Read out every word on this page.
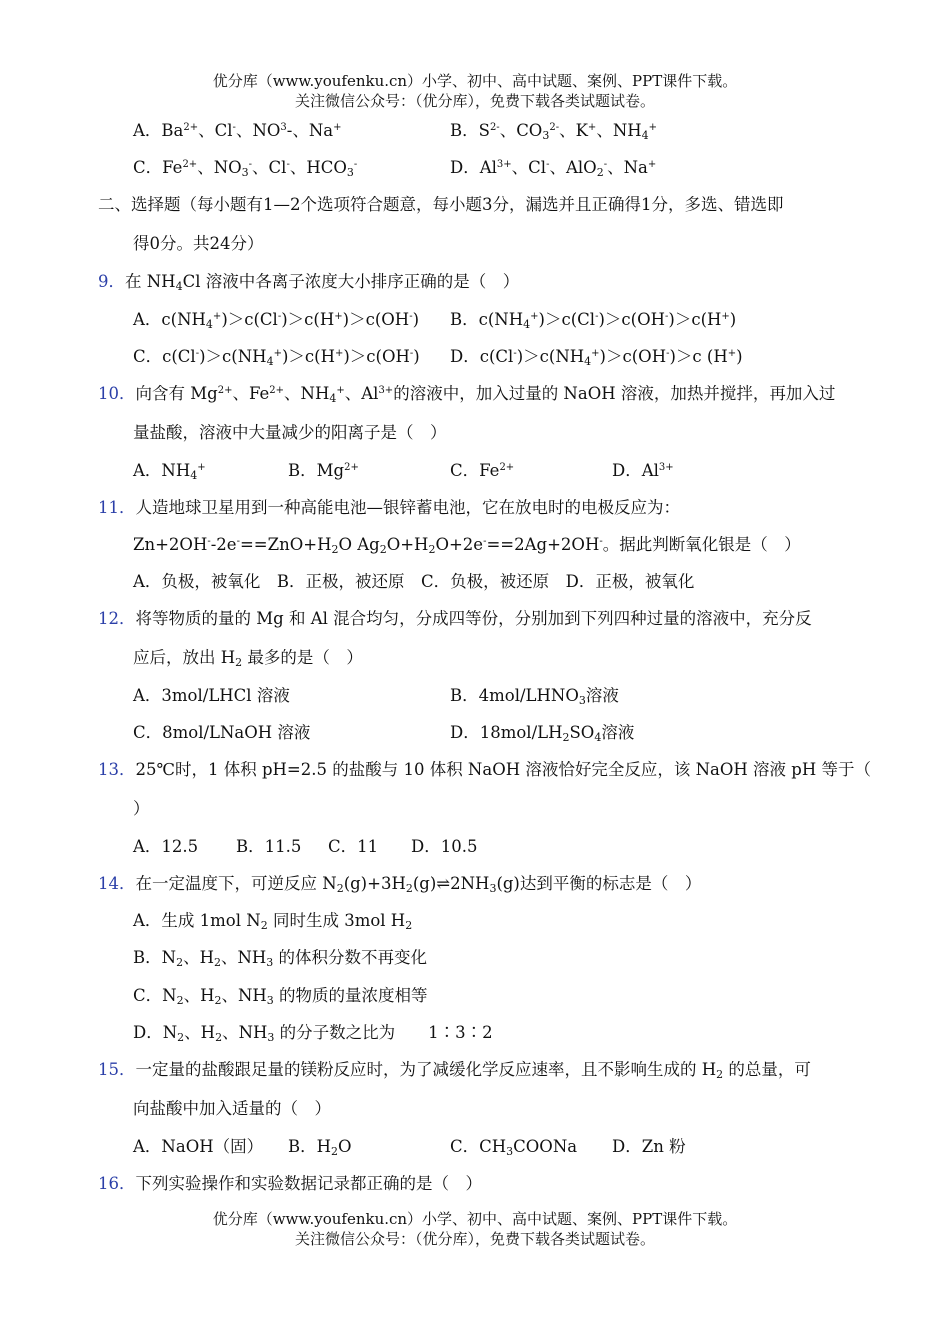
优分库（www.youfenku.cn）小学、初中、高中试题、案例、PPT课件下载。
关注微信公众号：（优分库），免费下载各类试题试卷。
A．$Ba^{2+}$、Cl-、$NO^3-$、Na+	B．$S^{2-}$、$CO_3^{2-}$、K+、$NH_4^+$
C．$Fe^{2+}$、$NO_3^-$、Cl-、$HCO_3^-$	D．$Al^{3+}$、Cl-、AlO$_2$-、Na+
二、选择题（每小题有1—2个选项符合题意，每小题3分，漏选并且正确得1分，多选、错选即
得0分。共24分）
9．在 $NH_4Cl$ 溶液中各离子浓度大小排序正确的是（　）
A．$c(NH_4^+)>c(Cl^-)>c(H^+)>c(OH^-)$ B．$c(NH_4^+)>c(Cl^-)>c(OH^-)>c(H^+)$
C．$c(Cl^-)>c(NH_4^+)>c(H^+)>c(OH^-)$ D．$c(Cl^-)>c(NH_4^+)>c(OH^-)>c$ (H+)
10．向含有 $Mg^{2+}$、$Fe^{2+}$、$NH_4^+$、$Al^{3+}$的溶液中，加入过量的 NaOH 溶液，加热并搅拌，再加入过
量盐酸，溶液中大量减少的阳离子是（　）
A．$NH_4^+$	B．$Mg^{2+}$	C．$Fe^{2+}$	D．$Al^{3+}$
11．人造地球卫星用到一种高能电池—银锌蓄电池，它在放电时的电极反应为：
$Zn+2OH^--2e^-==ZnO+H_2O$ $Ag_2O+H_2O+2e^-==2Ag+2OH^-$。据此判断氧化银是（　）
A．负极，被氧化　B．正极，被还原　C．负极，被还原　D．正极，被氧化
12．将等物质的量的 Mg 和 Al 混合均匀，分成四等份，分别加到下列四种过量的溶液中，充分反
应后，放出 $H_2$ 最多的是（　）
A．3mol/LHCl 溶液	B．$4mol/LHNO_3$溶液
C．8mol/LNaOH 溶液	D．$18mol/LH_2SO_4$溶液
13．25℃时，1 体积 pH=2.5 的盐酸与 10 体积 NaOH 溶液恰好完全反应，该 NaOH 溶液 pH 等于（
）
A．12.5 B．11.5 C．11 D．10.5
14．在一定温度下，可逆反应 $N_2(g)+3H_2(g)\rightleftharpoons 2NH_3(g)$达到平衡的标志是（　）
A．生成 1mol $N_2$ 同时生成 3mol $H_2$
B．$N_2$、$H_2$、$NH_3$ 的体积分数不再变化
C．$N_2$、$H_2$、$NH_3$ 的物质的量浓度相等
D．$N_2$、$H_2$、$NH_3$ 的分子数之比为　　1∶3∶2
15．一定量的盐酸跟足量的镁粉反应时，为了减缓化学反应速率，且不影响生成的 $H_2$ 的总量，可
向盐酸中加入适量的（　）
A．NaOH（固） B．$H_2O$	C．$CH_3COONa$ D．Zn 粉
16．下列实验操作和实验数据记录都正确的是（　）
优分库（www.youfenku.cn）小学、初中、高中试题、案例、PPT课件下载。
关注微信公众号：（优分库），免费下载各类试题试卷。
